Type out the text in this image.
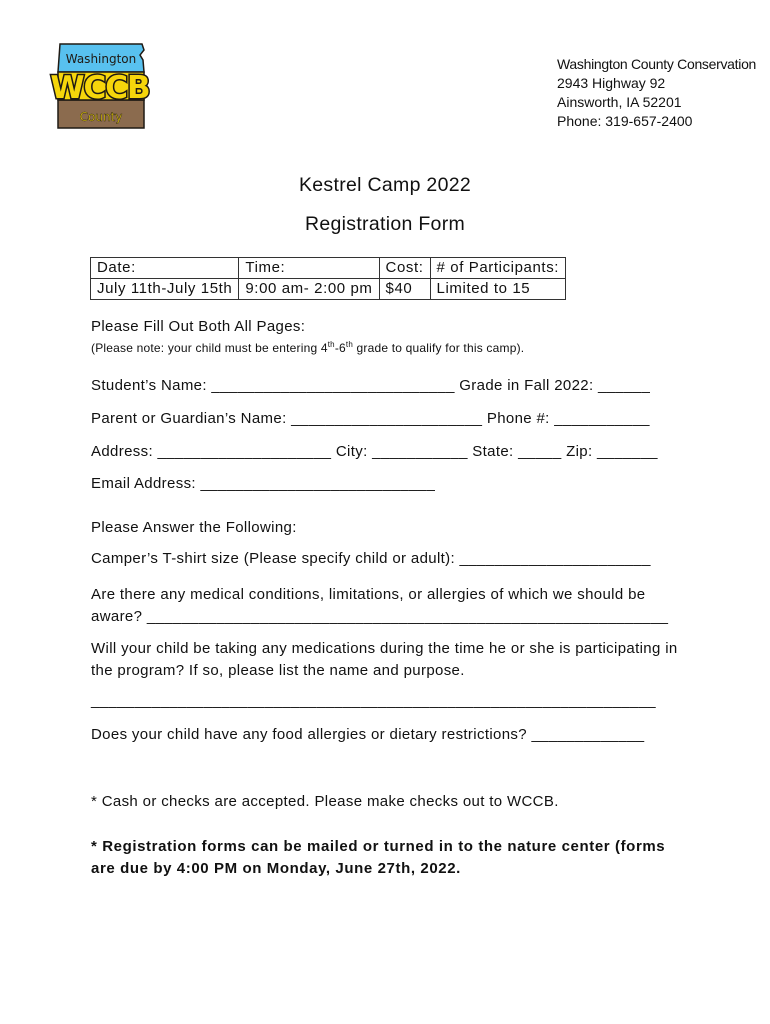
Washington
WCCB
County
Washington County Conservation
2943 Highway 92
Ainsworth, IA 52201
Phone: 319-657-2400
Kestrel Camp 2022
Registration Form
Date:	Time:	Cost:	# of Participants:
July 11th-July 15th	9:00 am- 2:00 pm	$40	Limited to 15
Please Fill Out Both All Pages:
(Please note: your child must be entering 4th-6th grade to qualify for this camp).
Student’s Name: ____________________________ Grade in Fall 2022: ______
Parent or Guardian’s Name: ______________________ Phone #: ___________
Address: ____________________ City: ___________ State: _____ Zip: _______
Email Address: ___________________________
Please Answer the Following:
Camper’s T-shirt size (Please specify child or adult): ______________________
Are there any medical conditions, limitations, or allergies of which we should be aware? ____________________________________________________________
Will your child be taking any medications during the time he or she is participating in the program? If so, please list the name and purpose.
_________________________________________________________________
Does your child have any food allergies or dietary restrictions? _____________
* Cash or checks are accepted. Please make checks out to WCCB.
* Registration forms can be mailed or turned in to the nature center (forms are due by 4:00 PM on Monday, June 27th, 2022.
